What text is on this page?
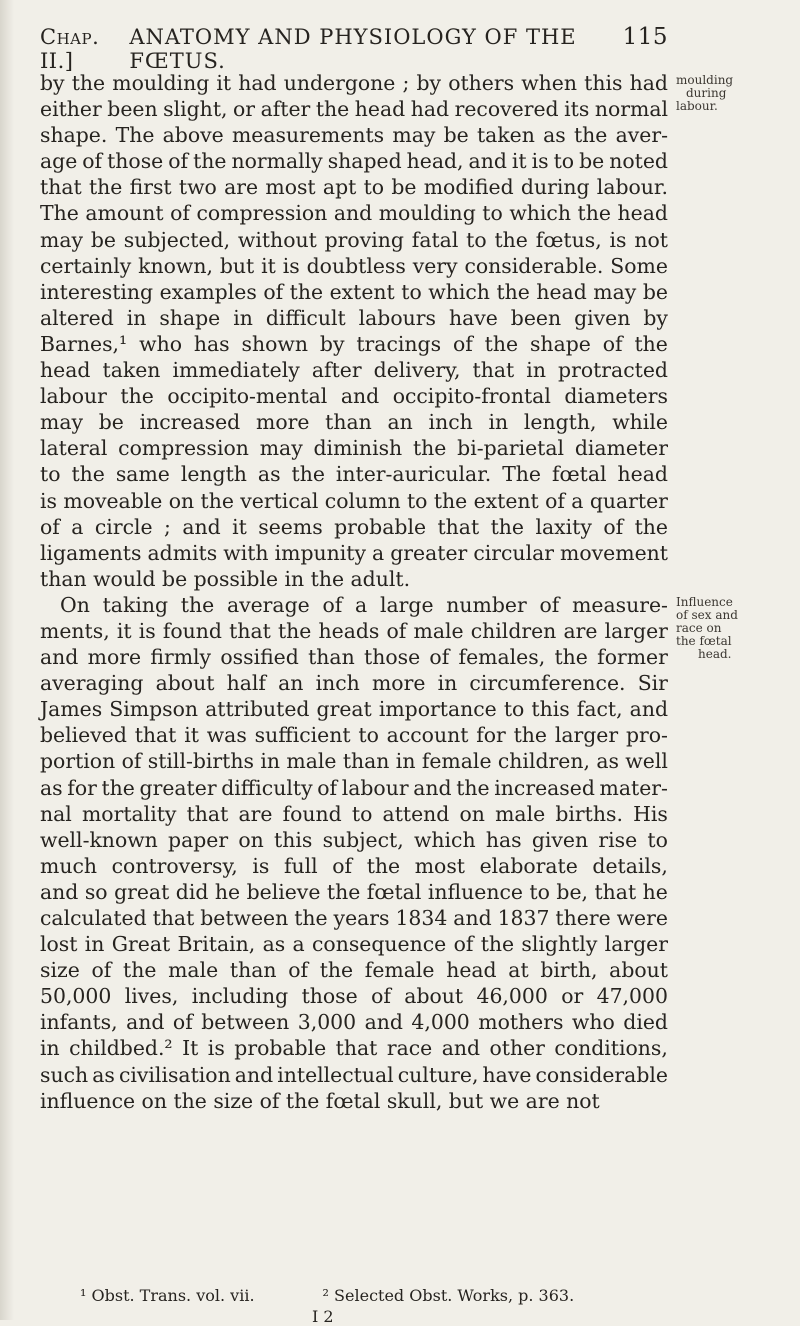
Chap. II.]
ANATOMY AND PHYSIOLOGY OF THE FŒTUS.
115
by the moulding it had undergone ; by others when this had
either been slight, or after the head had recovered its normal
shape. The above measurements may be taken as the aver-
age of those of the normally shaped head, and it is to be noted
that the first two are most apt to be modified during labour.
The amount of compression and moulding to which the head
may be subjected, without proving fatal to the fœtus, is not
certainly known, but it is doubtless very considerable. Some
interesting examples of the extent to which the head may be
altered in shape in difficult labours have been given by
Barnes,¹ who has shown by tracings of the shape of the
head taken immediately after delivery, that in protracted
labour the occipito-mental and occipito-frontal diameters
may be increased more than an inch in length, while
lateral compression may diminish the bi-parietal diameter
to the same length as the inter-auricular. The fœtal head
is moveable on the vertical column to the extent of a quarter
of a circle ; and it seems probable that the laxity of the
ligaments admits with impunity a greater circular movement
than would be possible in the adult.
On taking the average of a large number of measure-
ments, it is found that the heads of male children are larger
and more firmly ossified than those of females, the former
averaging about half an inch more in circumference. Sir
James Simpson attributed great importance to this fact, and
believed that it was sufficient to account for the larger pro-
portion of still-births in male than in female children, as well
as for the greater difficulty of labour and the increased mater-
nal mortality that are found to attend on male births. His
well-known paper on this subject, which has given rise to
much controversy, is full of the most elaborate details,
and so great did he believe the fœtal influence to be, that he
calculated that between the years 1834 and 1837 there were
lost in Great Britain, as a consequence of the slightly larger
size of the male than of the female head at birth, about
50,000 lives, including those of about 46,000 or 47,000
infants, and of between 3,000 and 4,000 mothers who died
in childbed.² It is probable that race and other conditions,
such as civilisation and intellectual culture, have considerable
influence on the size of the fœtal skull, but we are not
moulding
during
labour.
Influence
of sex and
race on
the fœtal
head.
¹ Obst. Trans. vol. vii.	² Selected Obst. Works, p. 363.
I 2
